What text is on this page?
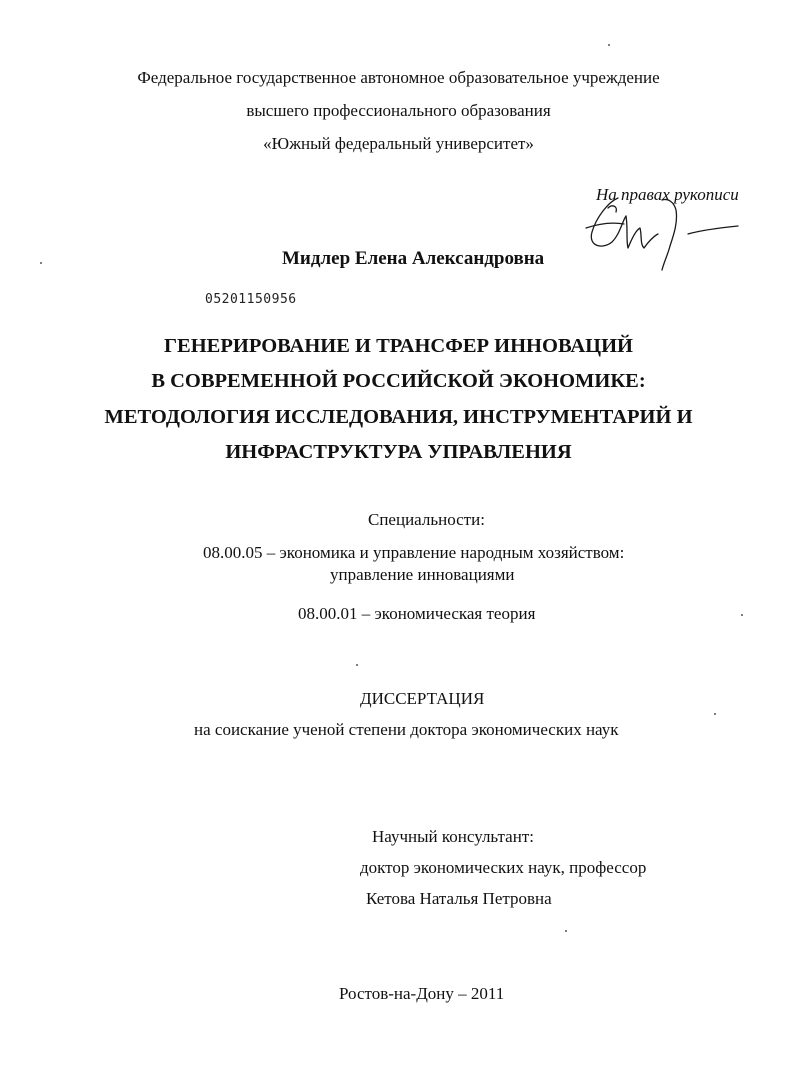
Федеральное государственное автономное образовательное учреждение
высшего профессионального образования
«Южный федеральный университет»
На правах рукописи
Мидлер Елена Александровна
05201150956
ГЕНЕРИРОВАНИЕ И ТРАНСФЕР ИННОВАЦИЙ
В СОВРЕМЕННОЙ РОССИЙСКОЙ ЭКОНОМИКЕ:
МЕТОДОЛОГИЯ ИССЛЕДОВАНИЯ, ИНСТРУМЕНТАРИЙ И
ИНФРАСТРУКТУРА УПРАВЛЕНИЯ
Специальности:
08.00.05 – экономика и управление народным хозяйством:
управление инновациями
08.00.01 – экономическая теория
ДИССЕРТАЦИЯ
на соискание ученой степени доктора экономических наук
Научный консультант:
доктор экономических наук, профессор
Кетова Наталья Петровна
Ростов-на-Дону – 2011
